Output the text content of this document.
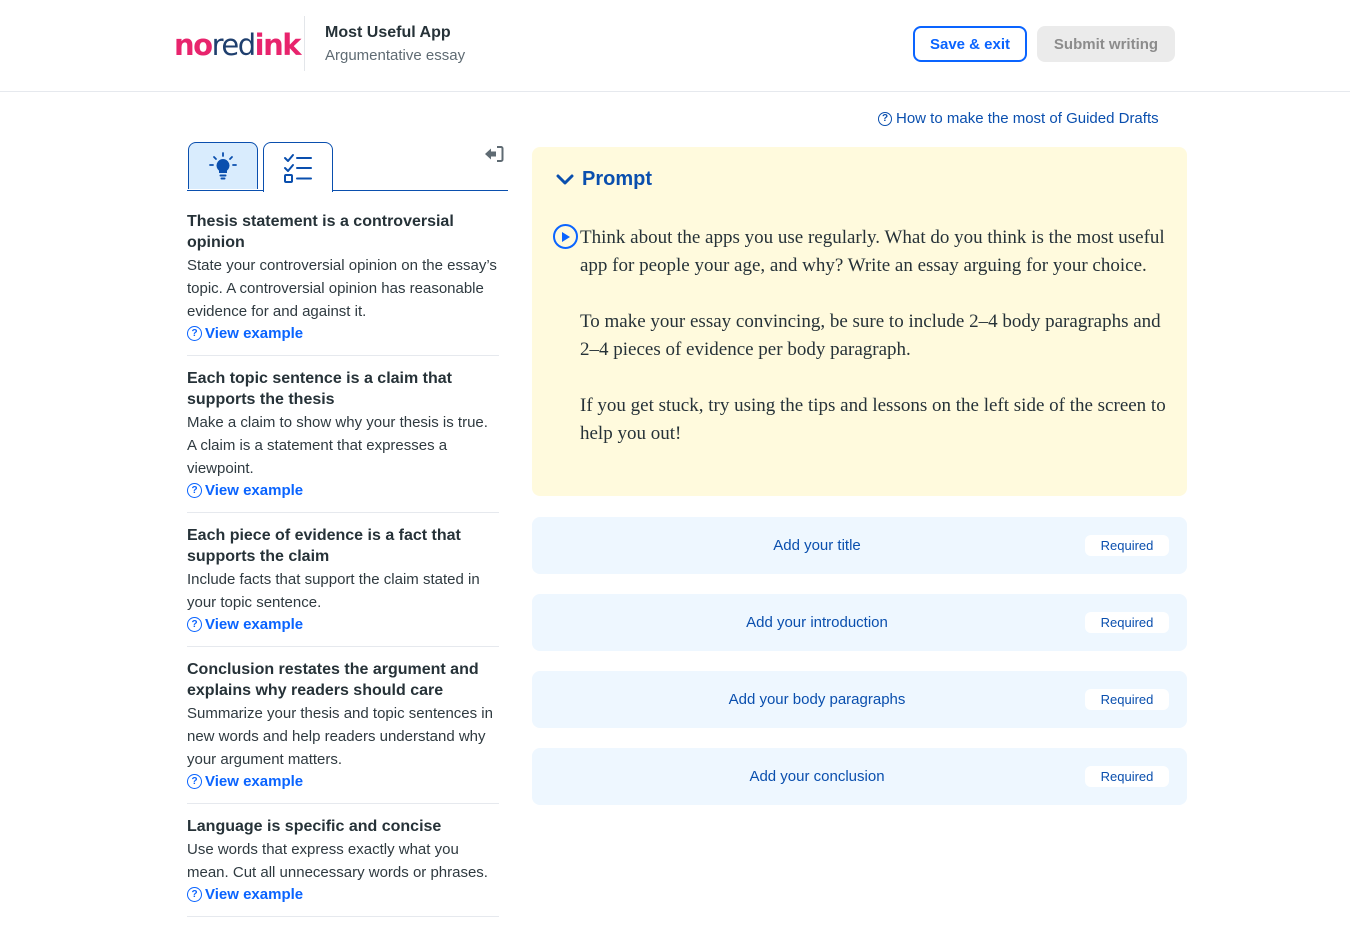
noredink Most Useful App
Argumentative essay
Save & exit	Submit writing
? How to make the most of Guided Drafts
Thesis statement is a controversial opinion
State your controversial opinion on the essay’s topic. A controversial opinion has reasonable evidence for and against it.
? View example
Each topic sentence is a claim that supports the thesis
Make a claim to show why your thesis is true. A claim is a statement that expresses a viewpoint.
? View example
Each piece of evidence is a fact that supports the claim
Include facts that support the claim stated in your topic sentence.
? View example
Conclusion restates the argument and explains why readers should care
Summarize your thesis and topic sentences in new words and help readers understand why your argument matters.
? View example
Language is specific and concise
Use words that express exactly what you mean. Cut all unnecessary words or phrases.
? View example
Prompt

Think about the apps you use regularly. What do you think is the most useful app for people your age, and why? Write an essay arguing for your choice.

To make your essay convincing, be sure to include 2–4 body paragraphs and 2–4 pieces of evidence per body paragraph.

If you get stuck, try using the tips and lessons on the left side of the screen to help you out!

Add your title	Required
Add your introduction	Required
Add your body paragraphs	Required
Add your conclusion	Required
